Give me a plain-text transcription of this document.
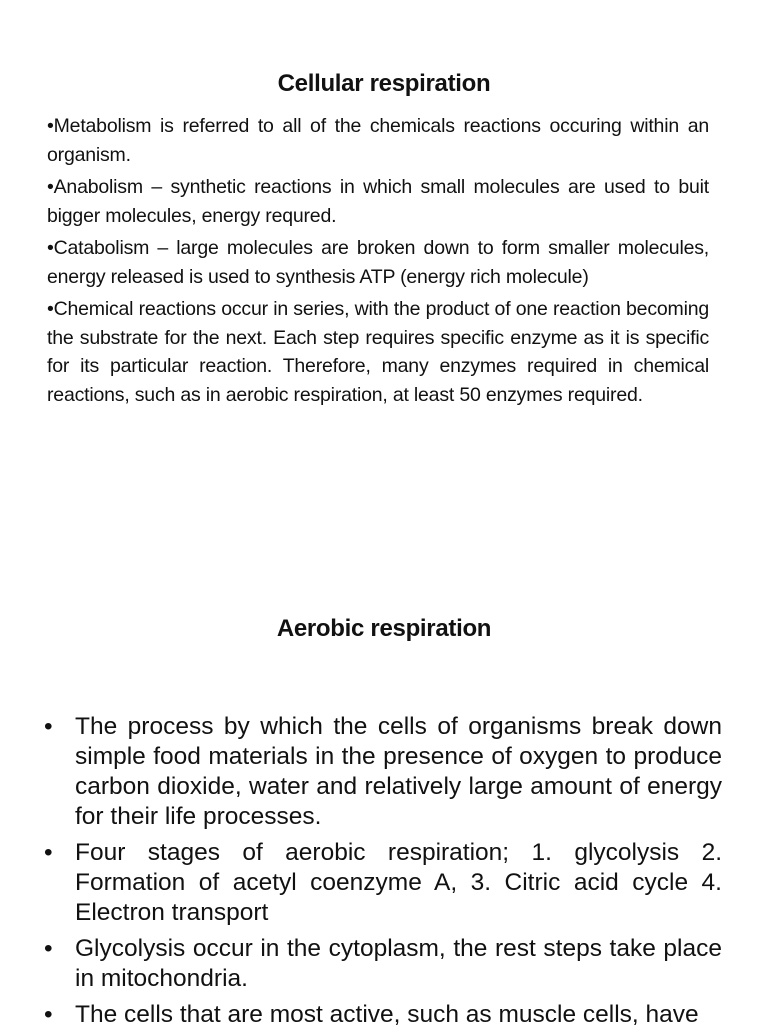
Cellular respiration

•Metabolism is referred to all of the chemicals reactions occuring within an organism.

•Anabolism – synthetic reactions in which small molecules are used to buit bigger molecules, energy requred.

•Catabolism – large molecules are broken down to form smaller molecules, energy released is used to synthesis ATP (energy rich molecule)

•Chemical reactions occur in series, with the product of one reaction becoming the substrate for the next. Each step requires specific enzyme as it is specific for its particular reaction. Therefore, many enzymes required in chemical reactions, such as in aerobic respiration, at least 50 enzymes required.

Aerobic respiration
• The process by which the cells of organisms break down simple food materials in the presence of oxygen to produce carbon dioxide, water and relatively large amount of energy for their life processes.
• Four stages of aerobic respiration; 1. glycolysis 2. Formation of acetyl coenzyme A, 3. Citric acid cycle 4. Electron transport
• Glycolysis occur in the cytoplasm, the rest steps take place in mitochondria.
• The cells that are most active, such as muscle cells, have
